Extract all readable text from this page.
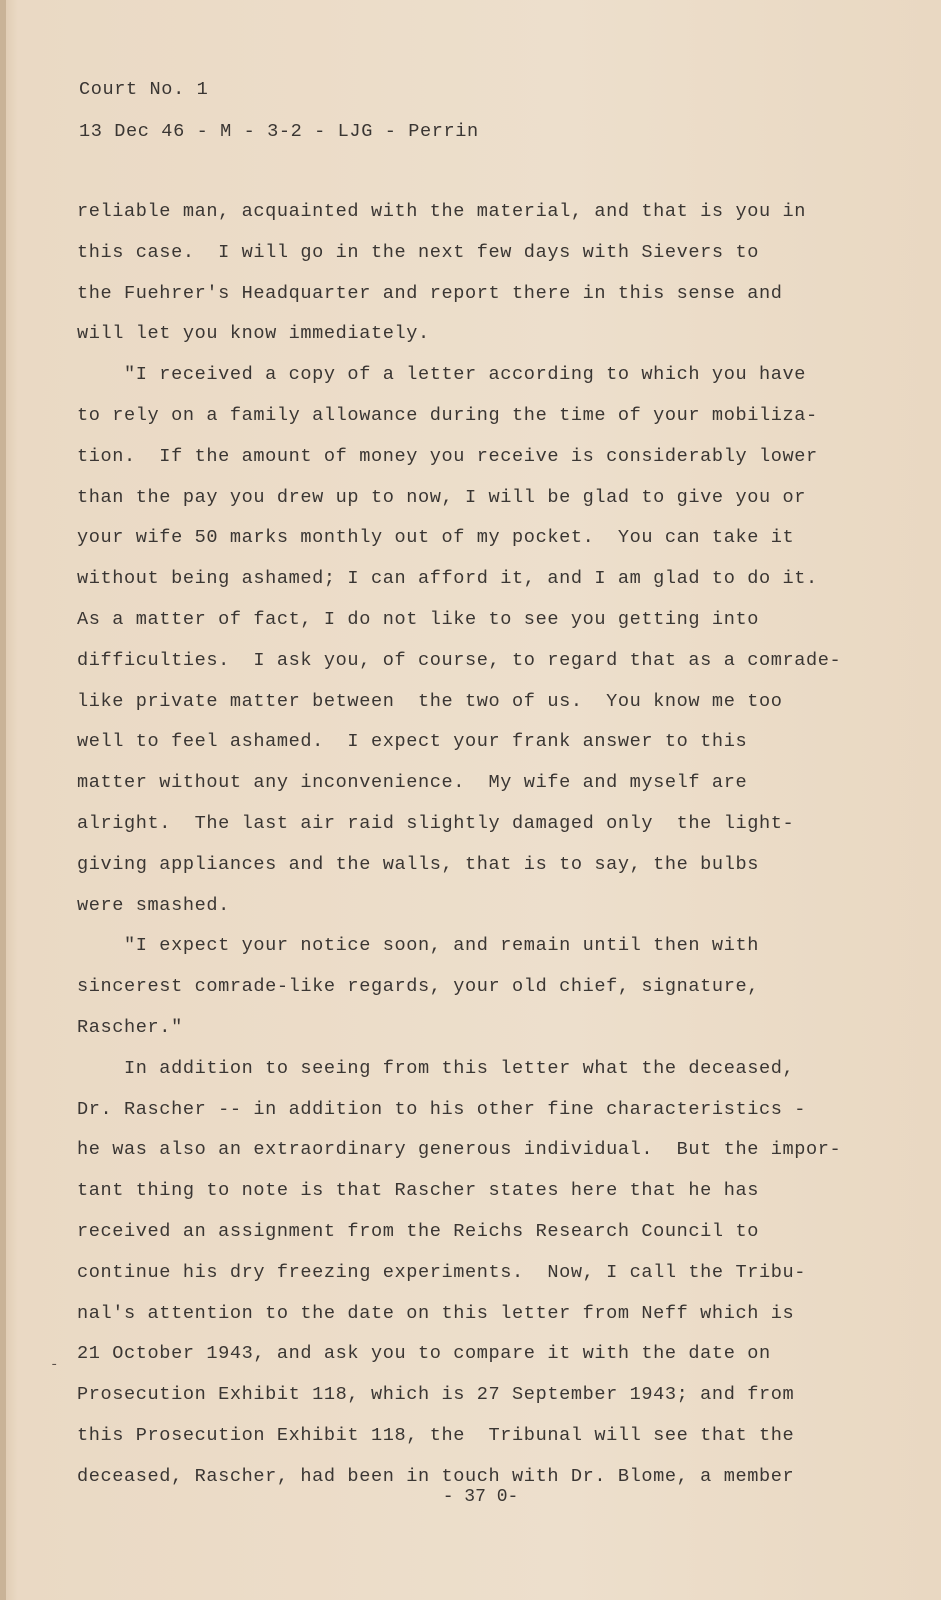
Court No. 1
13 Dec 46 - M - 3-2 - LJG - Perrin
reliable man, acquainted with the material, and that is you in
this case.  I will go in the next few days with Sievers to
the Fuehrer's Headquarter and report there in this sense and
will let you know immediately.
"I received a copy of a letter according to which you have
to rely on a family allowance during the time of your mobiliza-
tion.  If the amount of money you receive is considerably lower
than the pay you drew up to now, I will be glad to give you or
your wife 50 marks monthly out of my pocket.  You can take it
without being ashamed; I can afford it, and I am glad to do it.
As a matter of fact, I do not like to see you getting into
difficulties.  I ask you, of course, to regard that as a comrade-
like private matter between  the two of us.  You know me too
well to feel ashamed.  I expect your frank answer to this
matter without any inconvenience.  My wife and myself are
alright.  The last air raid slightly damaged only  the light-
giving appliances and the walls, that is to say, the bulbs
were smashed.
"I expect your notice soon, and remain until then with
sincerest comrade-like regards, your old chief, signature,
Rascher."
In addition to seeing from this letter what the deceased,
Dr. Rascher -- in addition to his other fine characteristics -
he was also an extraordinary generous individual.  But the impor-
tant thing to note is that Rascher states here that he has
received an assignment from the Reichs Research Council to
continue his dry freezing experiments.  Now, I call the Tribu-
nal's attention to the date on this letter from Neff which is
21 October 1943, and ask you to compare it with the date on
Prosecution Exhibit 118, which is 27 September 1943; and from
this Prosecution Exhibit 118, the  Tribunal will see that the
deceased, Rascher, had been in touch with Dr. Blome, a member
- 37 0-
-
